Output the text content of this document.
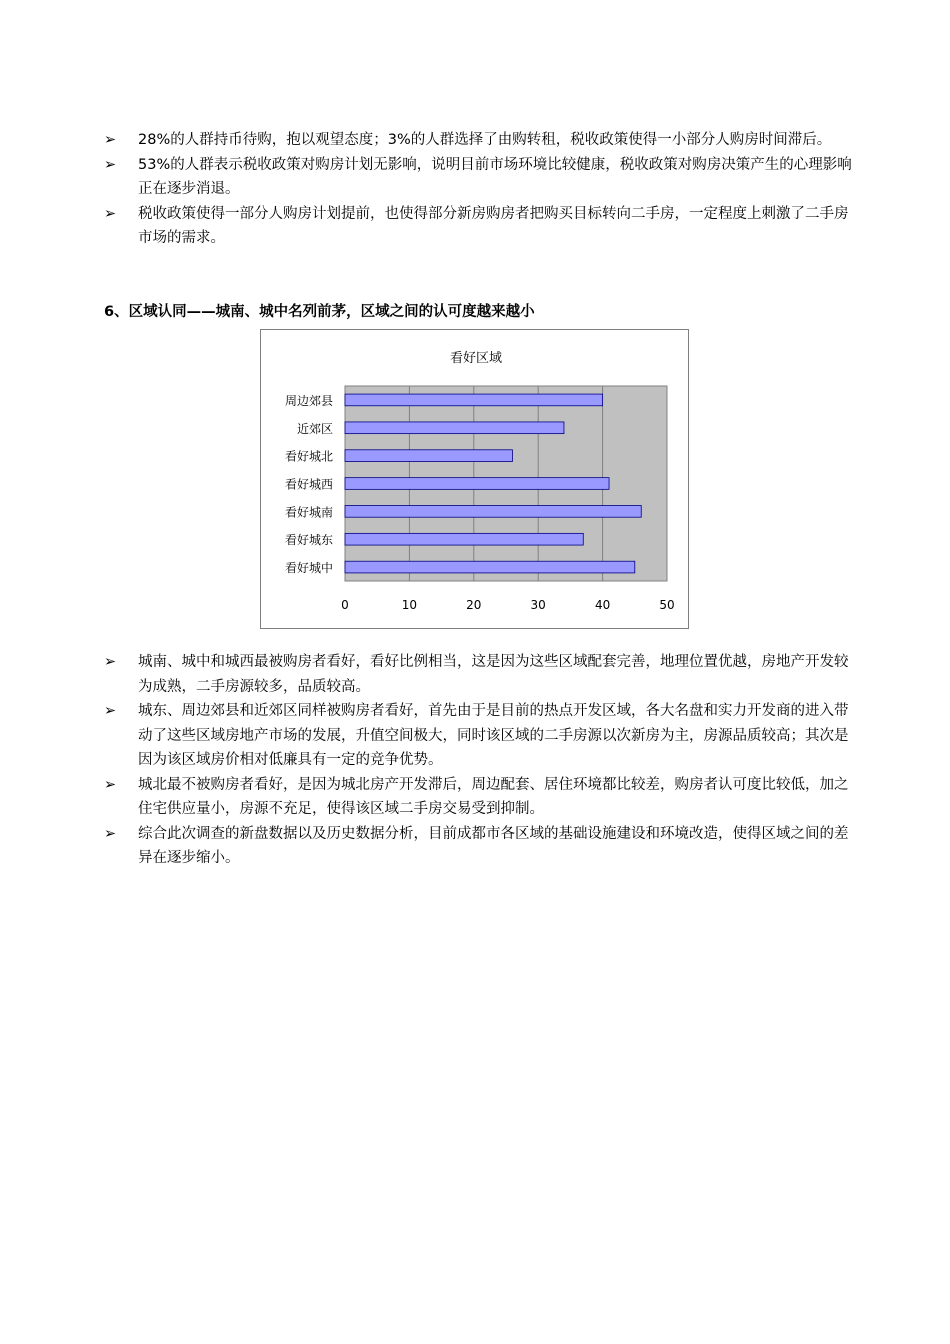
➢	28%的人群持币待购，抱以观望态度；3%的人群选择了由购转租，税收政策使得一小部分人购房时间滞后。

➢	53%的人群表示税收政策对购房计划无影响，说明目前市场环境比较健康，税收政策对购房决策产生的心理影响正在逐步消退。

➢	税收政策使得一部分人购房计划提前，也使得部分新房购房者把购买目标转向二手房，一定程度上刺激了二手房市场的需求。

6、区域认同——城南、城中名列前茅，区域之间的认可度越来越小

看好区域
0	10	20	30	40	50
周边郊县
近郊区
看好城北
看好城西
看好城南
看好城东
看好城中

➢	城南、城中和城西最被购房者看好，看好比例相当，这是因为这些区域配套完善，地理位置优越，房地产开发较为成熟，二手房源较多，品质较高。

➢	城东、周边郊县和近郊区同样被购房者看好，首先由于是目前的热点开发区域，各大名盘和实力开发商的进入带动了这些区域房地产市场的发展，升值空间极大，同时该区域的二手房源以次新房为主，房源品质较高；其次是因为该区域房价相对低廉具有一定的竞争优势。

➢	城北最不被购房者看好，是因为城北房产开发滞后，周边配套、居住环境都比较差，购房者认可度比较低，加之住宅供应量小，房源不充足，使得该区域二手房交易受到抑制。

➢	综合此次调查的新盘数据以及历史数据分析，目前成都市各区域的基础设施建设和环境改造，使得区域之间的差异在逐步缩小。
